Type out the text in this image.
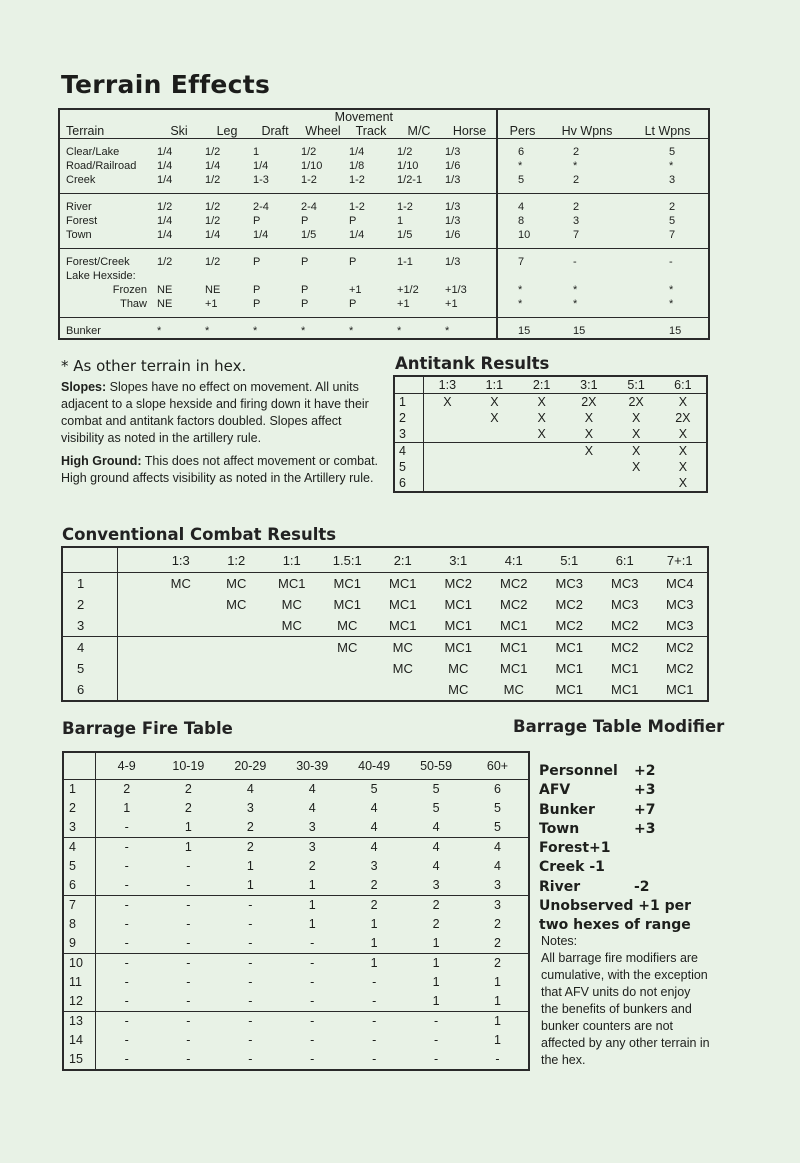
Terrain Effects
				Movement						
Terrain	Ski	Leg	Draft	Wheel	Track	M/C	Horse	Pers	Hv Wpns	Lt Wpns

Clear/Lake	1/4	1/2	1	1/2	1/4	1/2	1/3	6	2	5
Road/Railroad	1/4	1/4	1/4	1/10	1/8	1/10	1/6	*	*	*
Creek	1/4	1/2	1-3	1-2	1-2	1/2-1	1/3	5	2	3

River	1/2	1/2	2-4	2-4	1-2	1-2	1/3	4	2	2
Forest	1/4	1/2	P	P	P	1	1/3	8	3	5
Town	1/4	1/4	1/4	1/5	1/4	1/5	1/6	10	7	7

Forest/Creek	1/2	1/2	P	P	P	1-1	1/3	7	-	-
Lake Hexside:										
Frozen	NE	NE	P	P	+1	+1/2	+1/3	*	*	*
Thaw	NE	+1	P	P	P	+1	+1	*	*	*

Bunker	*	*	*	*	*	*	*	15	15	15
* As other terrain in hex.
Slopes: Slopes have no effect on movement. All units adjacent to a slope hexside and firing down it have their combat and antitank factors doubled. Slopes affect visibility as noted in the artillery rule.
High Ground: This does not affect movement or combat. High ground affects visibility as noted in the Artillery rule.
Antitank Results
	1:3	1:1	2:1	3:1	5:1	6:1
1	X	X	X	2X	2X	X
2		X	X	X	X	2X
3			X	X	X	X
4				X	X	X
5					X	X
6						X
Conventional Combat Results
		1:3	1:2	1:1	1.5:1	2:1	3:1	4:1	5:1	6:1	7+:1
1		MC	MC	MC1	MC1	MC1	MC2	MC2	MC3	MC3	MC4
2			MC	MC	MC1	MC1	MC1	MC2	MC2	MC3	MC3
3				MC	MC	MC1	MC1	MC1	MC2	MC2	MC3
4					MC	MC	MC1	MC1	MC1	MC2	MC2
5						MC	MC	MC1	MC1	MC1	MC2
6							MC	MC	MC1	MC1	MC1
Barrage Fire Table
	4-9	10-19	20-29	30-39	40-49	50-59	60+
1	2	2	4	4	5	5	6
2	1	2	3	4	4	5	5
3	-	1	2	3	4	4	5
4	-	1	2	3	4	4	4
5	-	-	1	2	3	4	4
6	-	-	1	1	2	3	3
7	-	-	-	1	2	2	3
8	-	-	-	1	1	2	2
9	-	-	-	-	1	1	2
10	-	-	-	-	1	1	2
11	-	-	-	-	-	1	1
12	-	-	-	-	-	1	1
13	-	-	-	-	-	-	1
14	-	-	-	-	-	-	1
15	-	-	-	-	-	-	-
Barrage Table Modifier
Personnel +2
AFV	+3
Bunker	+7
Town	+3
Forest+1
Creek -1
River	-2
Unobserved +1 per
two hexes of range
Notes:
All barrage fire modifiers are cumulative, with the exception that AFV units do not enjoy the benefits of bunkers and bunker counters are not affected by any other terrain in the hex.
